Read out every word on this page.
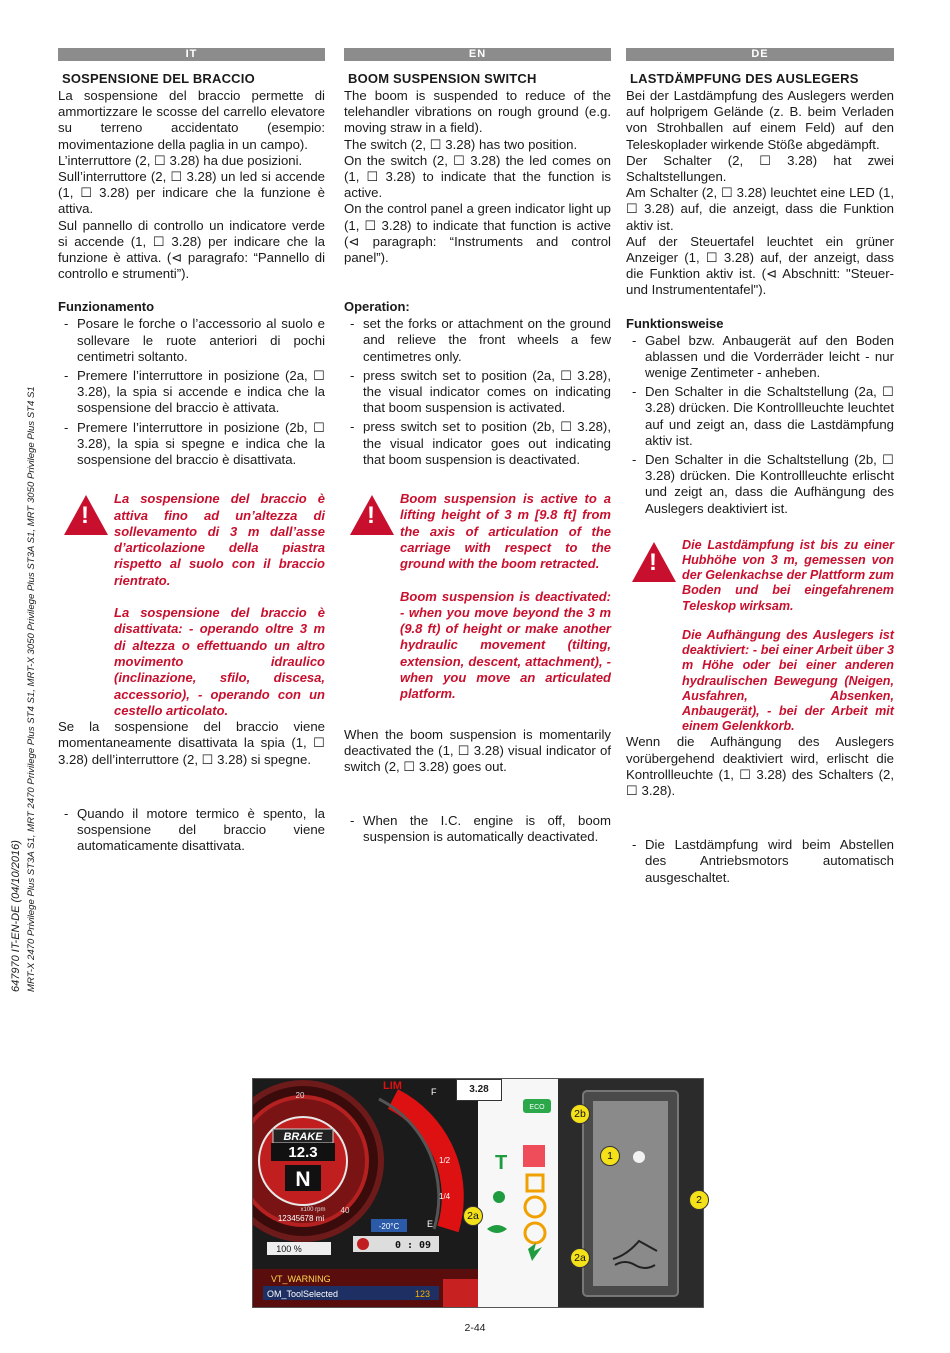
647970 IT-EN-DE (04/10/2016) MRT-X 2470 Privilege Plus ST3A S1, MRT 2470 Privilege Plus ST4 S1, MRT-X 3050 Privilege Plus ST3A S1, MRT 3050 Privilege Plus ST4 S1
IT
SOSPENSIONE DEL BRACCIO

La sospensione del braccio permette di ammortizzare le scosse del carrello elevatore su terreno accidentato (esempio: movimentazione della paglia in un campo).

L’interruttore (2, ☐ 3.28) ha due posizioni.

Sull’interruttore (2, ☐ 3.28) un led si accende (1, ☐ 3.28) per indicare che la funzione è attiva.

Sul pannello di controllo un indicatore verde si accende (1, ☐ 3.28) per indicare che la funzione è attiva. (⊲ paragrafo: “Pannello di controllo e strumenti”).

Funzionamento

- Posare le forche o l’accessorio al suolo e sollevare le ruote anteriori di pochi centimetri soltanto.
- Premere l’interruttore in posizione (2a, ☐ 3.28), la spia si accende e indica che la sospensione del braccio è attivata.
- Premere l’interruttore in posizione (2b, ☐ 3.28), la spia si spegne e indica che la sospensione del braccio è disattivata.
!

La sospensione del braccio è attiva fino ad un’altezza di sollevamento di 3 m dall’asse d’articolazione della piastra rispetto al suolo con il braccio rientrato.

La sospensione del braccio è disattivata: - operando oltre 3 m di altezza o effettuando un altro movimento idraulico (inclinazione, sfilo, discesa, accessorio), - operando con un cestello articolato.

Se la sospensione del braccio viene momentaneamente disattivata la spia (1, ☐ 3.28) dell’interruttore (2, ☐ 3.28) si spegne.

- Quando il motore termico è spento, la sospensione del braccio viene automaticamente disattivata.
EN
BOOM SUSPENSION SWITCH

The boom is suspended to reduce of the telehandler vibrations on rough ground (e.g. moving straw in a field).

The switch (2, ☐ 3.28) has two position.

On the switch (2, ☐ 3.28) the led comes on (1, ☐ 3.28) to indicate that the function is active.

On the control panel a green indicator light up (1, ☐ 3.28) to indicate that function is active (⊲ paragraph: “Instruments and control panel”).

Operation:

- set the forks or attachment on the ground and relieve the front wheels a few centimetres only.
- press switch set to position (2a, ☐ 3.28), the visual indicator comes on indicating that boom suspension is activated.
- press switch set to position (2b, ☐ 3.28), the visual indicator goes out indicating that boom suspension is deactivated.
!

Boom suspension is active to a lifting height of 3 m [9.8 ft] from the axis of articulation of the carriage with respect to the ground with the boom retracted.

Boom suspension is deactivated: - when you move beyond the 3 m (9.8 ft) of height or make another hydraulic movement (tilting, extension, descent, attachment), - when you move an articulated platform.

When the boom suspension is momentarily deactivated the (1, ☐ 3.28) visual indicator of switch (2, ☐ 3.28) goes out.

- When the I.C. engine is off, boom suspension is automatically deactivated.
DE
LASTDÄMPFUNG DES AUSLEGERS

Bei der Lastdämpfung des Auslegers werden auf holprigem Gelände (z. B. beim Verladen von Strohballen auf einem Feld) auf den Teleskoplader wirkende Stöße abgedämpft.

Der Schalter (2, ☐ 3.28) hat zwei Schaltstellungen.

Am Schalter (2, ☐ 3.28) leuchtet eine LED (1, ☐ 3.28) auf, die anzeigt, dass die Funktion aktiv ist.

Auf der Steuertafel leuchtet ein grüner Anzeiger (1, ☐ 3.28) auf, der anzeigt, dass die Funktion aktiv ist. (⊲ Abschnitt: "Steuer- und Instrumententafel").

Funktionsweise

- Gabel bzw. Anbaugerät auf den Boden ablassen und die Vorderräder leicht - nur wenige Zentimeter - anheben.
- Den Schalter in die Schaltstellung (2a, ☐ 3.28) drücken. Die Kontrollleuchte leuchtet auf und zeigt an, dass die Lastdämpfung aktiv ist.
- Den Schalter in die Schaltstellung (2b, ☐ 3.28) drücken. Die Kontrollleuchte erlischt und zeigt an, dass die Aufhängung des Auslegers deaktiviert ist.
!

Die Lastdämpfung ist bis zu einer Hubhöhe von 3 m, gemessen von der Gelenkachse der Plattform zum Boden und bei eingefahrenem Teleskop wirksam.

Die Aufhängung des Auslegers ist deaktiviert: - bei einer Arbeit über 3 m Höhe oder bei einer anderen hydraulischen Bewegung (Neigen, Ausfahren, Absenken, Anbaugerät), - bei der Arbeit mit einem Gelenkkorb.

Wenn die Aufhängung des Auslegers vorübergehend deaktiviert wird, erlischt die Kontrollleuchte (1, ☐ 3.28) des Schalters (2, ☐ 3.28).

- Die Lastdämpfung wird beim Abstellen des Antriebsmotors automatisch ausgeschaltet.
3.28
BRAKE
12.3
N
20
40
x100 rpm
12345678 mi
100 %
LIM	F
1/2
1/4
E
-20°C
0 : 09
VT_WARNING
OM_ToolSelected	123
ECO
T
2b
1
2
2a
2a
2-44
